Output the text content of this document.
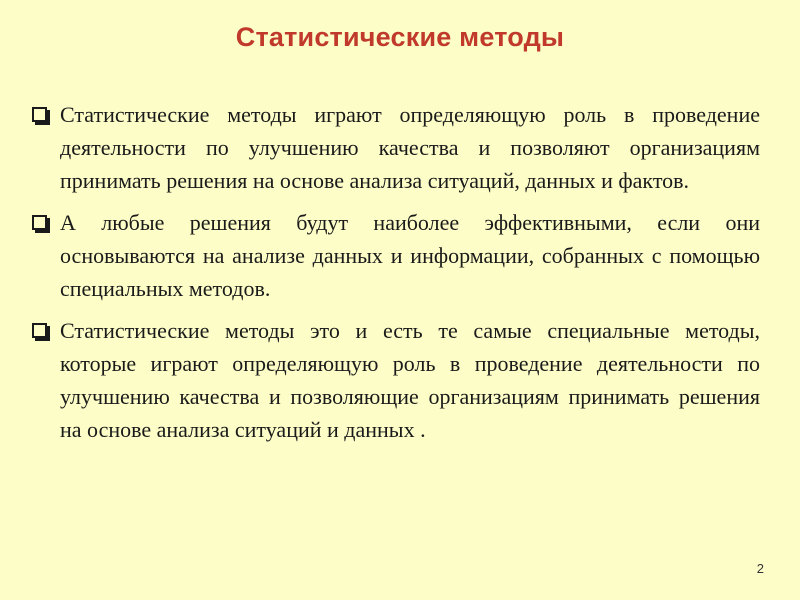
Статистические методы
Статистические методы играют определяющую роль в проведение деятельности по улучшению качества и позволяют организациям принимать решения на основе анализа ситуаций, данных и фактов.
А любые решения будут наиболее эффективными, если они основываются на анализе данных и информации, собранных с помощью специальных методов.
Статистические методы это и есть те самые специальные методы, которые играют определяющую роль в проведение деятельности по улучшению качества и позволяющие организациям принимать решения на основе анализа ситуаций и данных .
2
